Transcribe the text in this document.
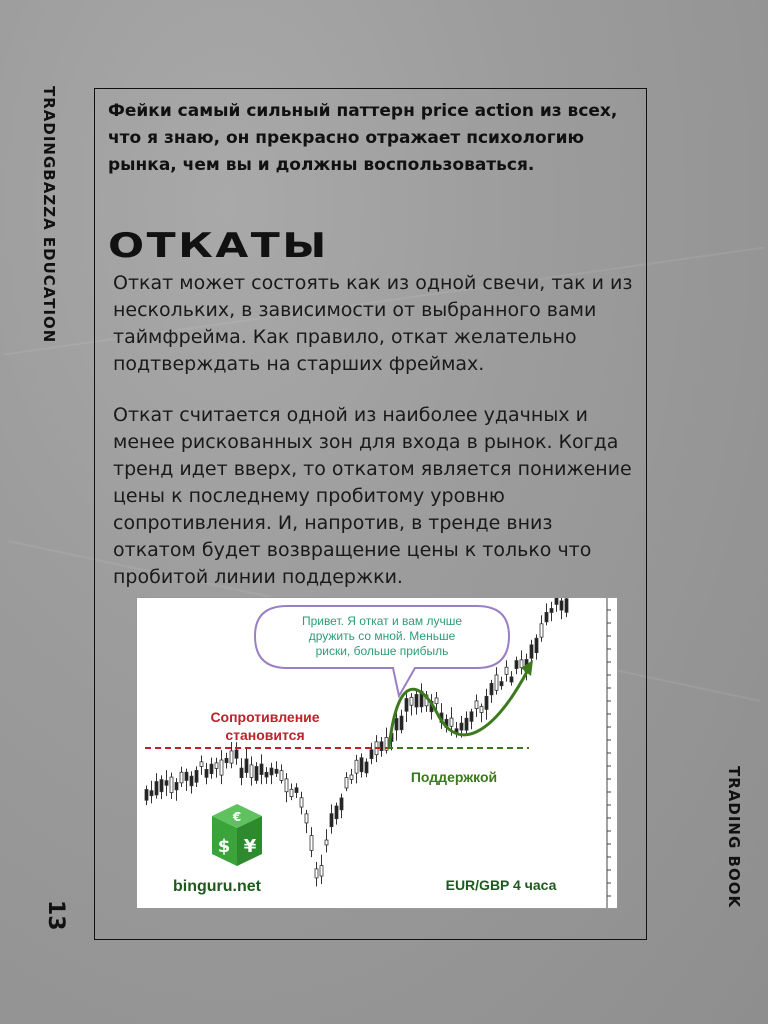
TRADINGBAZZA EDUCATION
13
TRADING BOOK
Фейки самый сильный паттерн price action из всех, что я знаю, он прекрасно отражает психологию рынка, чем вы и должны воспользоваться.
ОТКАТЫ

Откат может состоять как из одной свечи, так и из нескольких, в зависимости от выбранного вами таймфрейма. Как правило, откат желательно подтверждать на старших фреймах.

Откат считается одной из наиболее удачных и менее рискованных зон для входа в рынок. Когда тренд идет вверх, то откатом является понижение цены к последнему пробитому уровню сопротивления. И, напротив, в тренде вниз откатом будет возвращение цены к только что пробитой линии поддержки.

Привет. Я откат и вам лучше
дружить со мной. Меньше
риски, больше прибыль
Сопротивление
становится
Поддержкой
€
$ ¥
binguru.net	EUR/GBP 4 часа
